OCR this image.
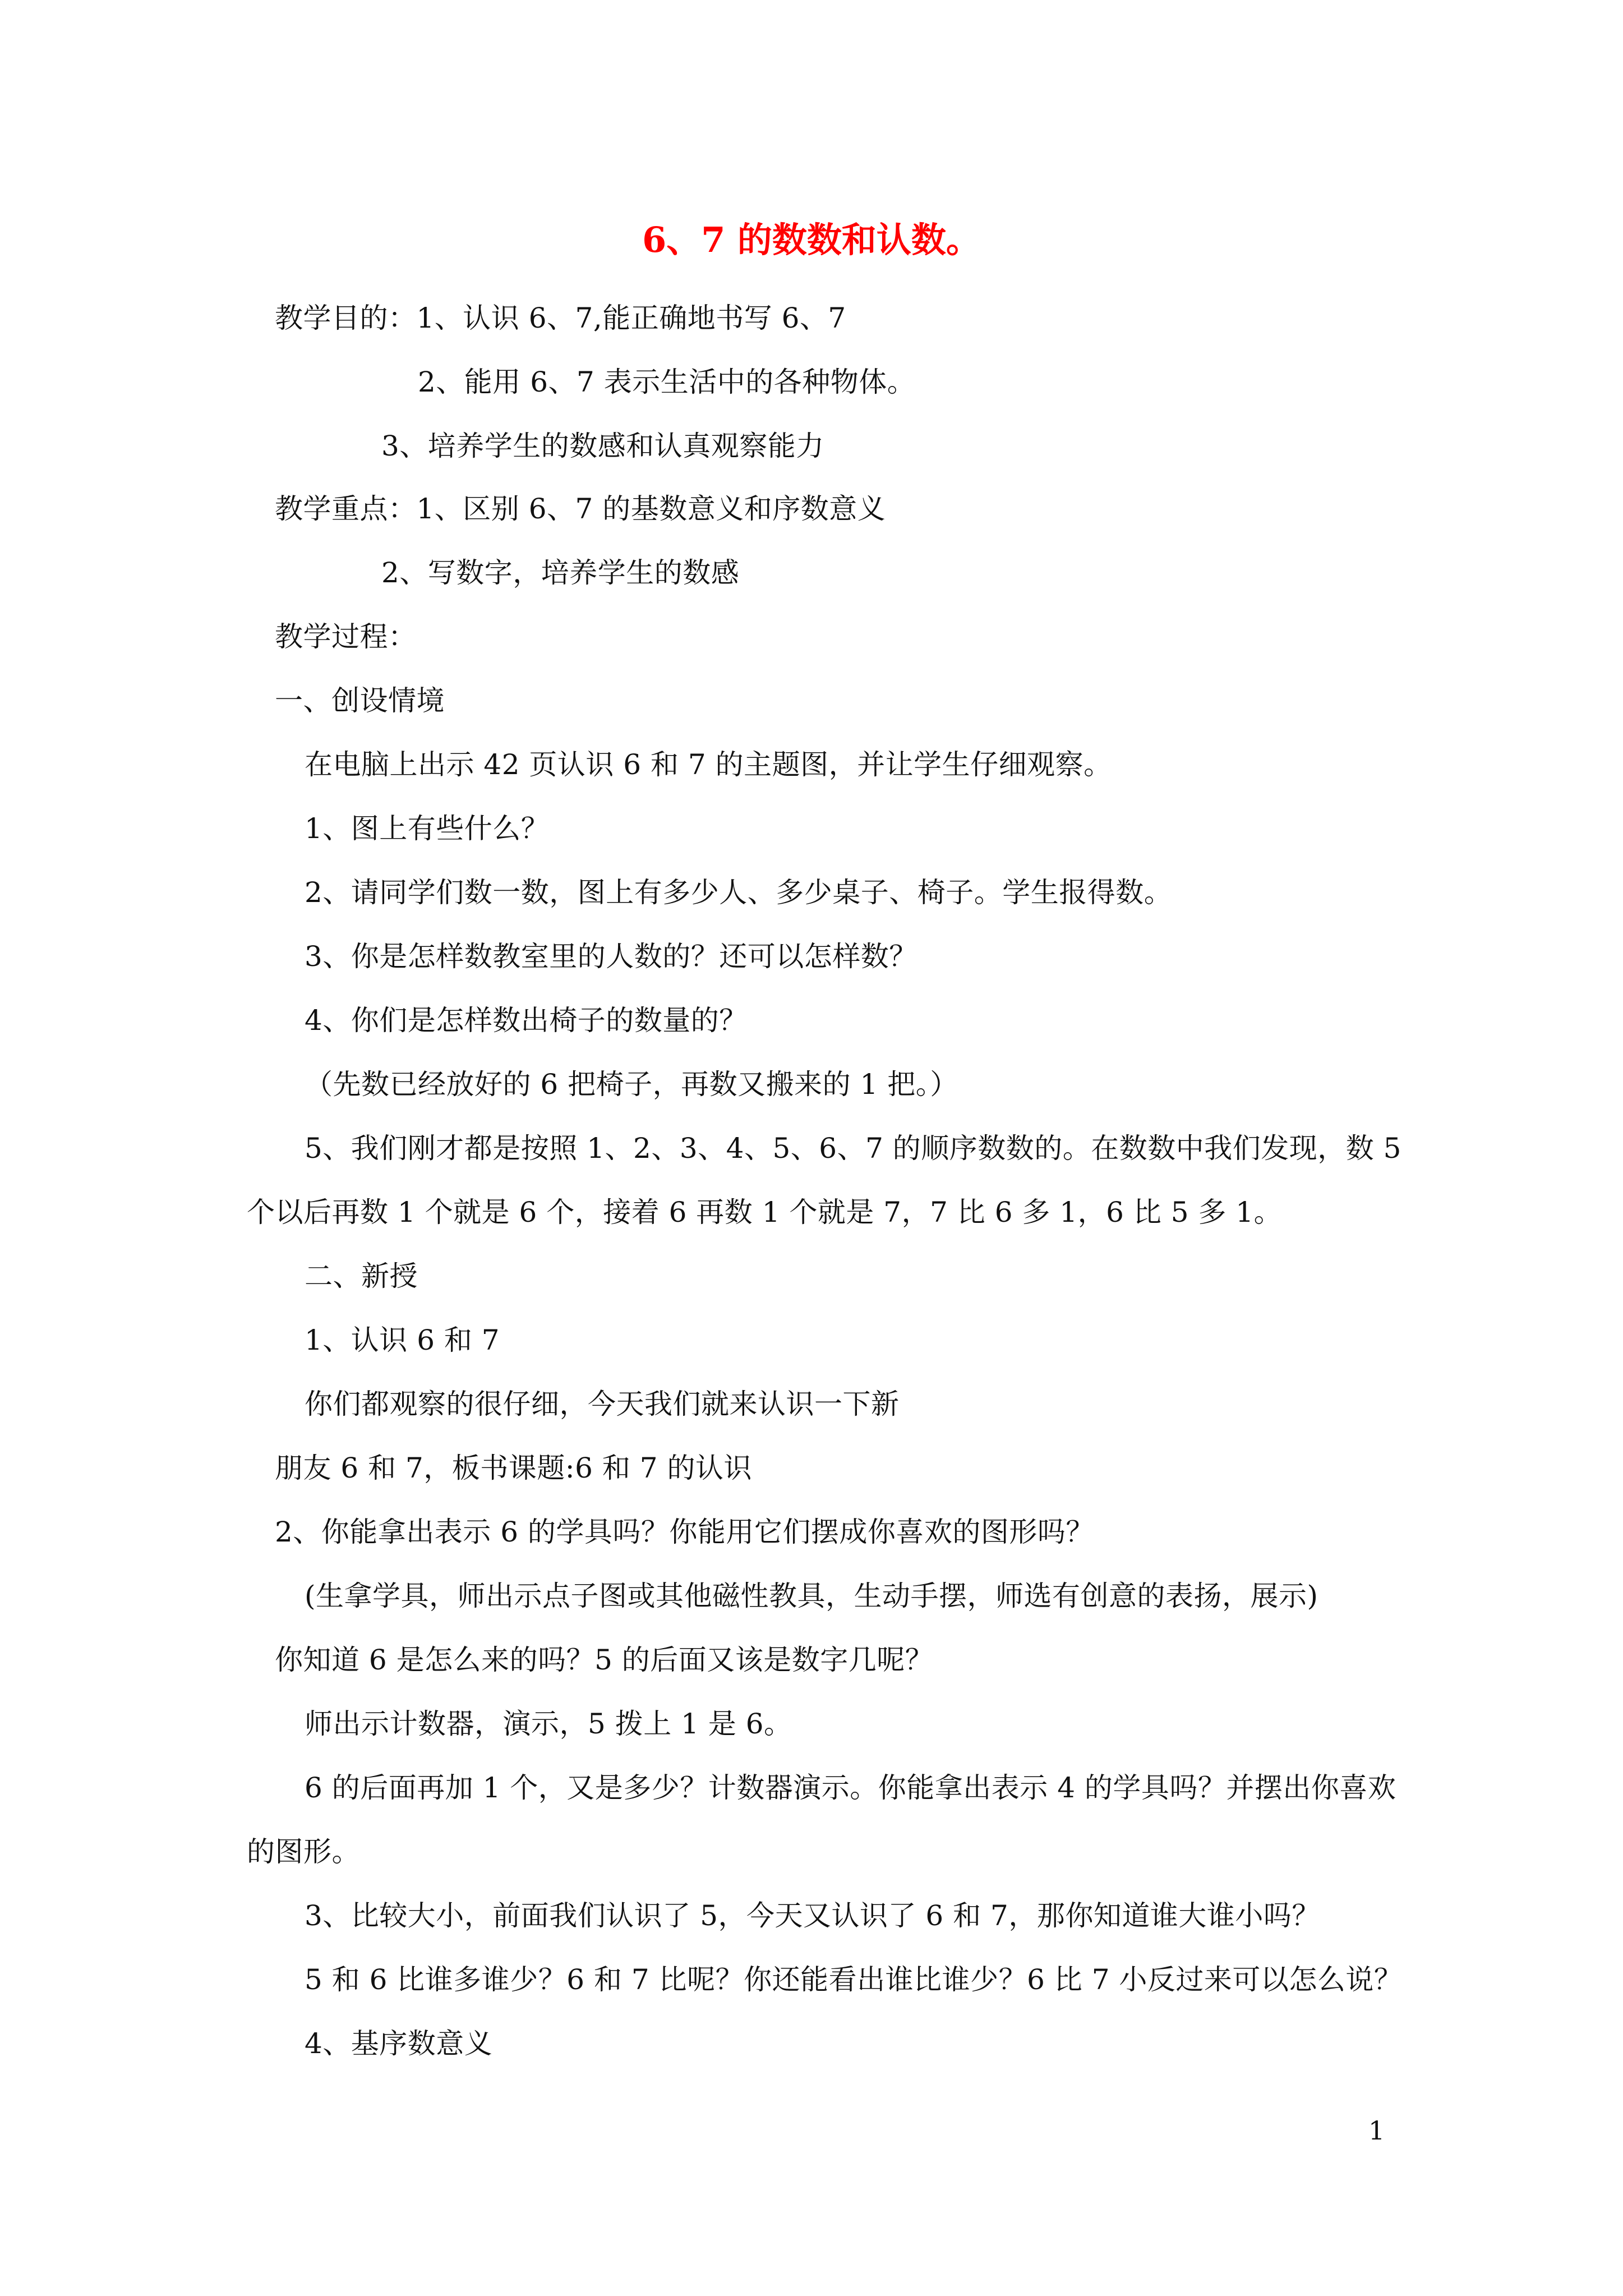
6、7 的数数和认数。
教学目的：1、认识 6、7,能正确地书写 6、7
2、能用 6、7 表示生活中的各种物体。
3、培养学生的数感和认真观察能力
教学重点：1、区别 6、7 的基数意义和序数意义
2、写数字，培养学生的数感
教学过程：
一、创设情境
在电脑上出示 42 页认识 6 和 7 的主题图，并让学生仔细观察。
1、图上有些什么？
2、请同学们数一数，图上有多少人、多少桌子、椅子。学生报得数。
3、你是怎样数教室里的人数的？还可以怎样数？
4、你们是怎样数出椅子的数量的？
（先数已经放好的 6 把椅子，再数又搬来的 1 把。）
5、我们刚才都是按照 1、2、3、4、5、6、7 的顺序数数的。在数数中我们发现，数 5
个以后再数 1 个就是 6 个，接着 6 再数 1 个就是 7，7 比 6 多 1，6 比 5 多 1。
二、新授
1、认识 6 和 7
你们都观察的很仔细，今天我们就来认识一下新
朋友 6 和 7，板书课题:6 和 7 的认识
2、你能拿出表示 6 的学具吗？你能用它们摆成你喜欢的图形吗？
(生拿学具，师出示点子图或其他磁性教具，生动手摆，师选有创意的表扬，展示)
你知道 6 是怎么来的吗？5 的后面又该是数字几呢？
师出示计数器，演示，5 拨上 1 是 6。
6 的后面再加 1 个，又是多少？计数器演示。你能拿出表示 4 的学具吗？并摆出你喜欢
的图形。
3、比较大小，前面我们认识了 5，今天又认识了 6 和 7，那你知道谁大谁小吗？
5 和 6 比谁多谁少？6 和 7 比呢？你还能看出谁比谁少？6 比 7 小反过来可以怎么说？
4、基序数意义
1
